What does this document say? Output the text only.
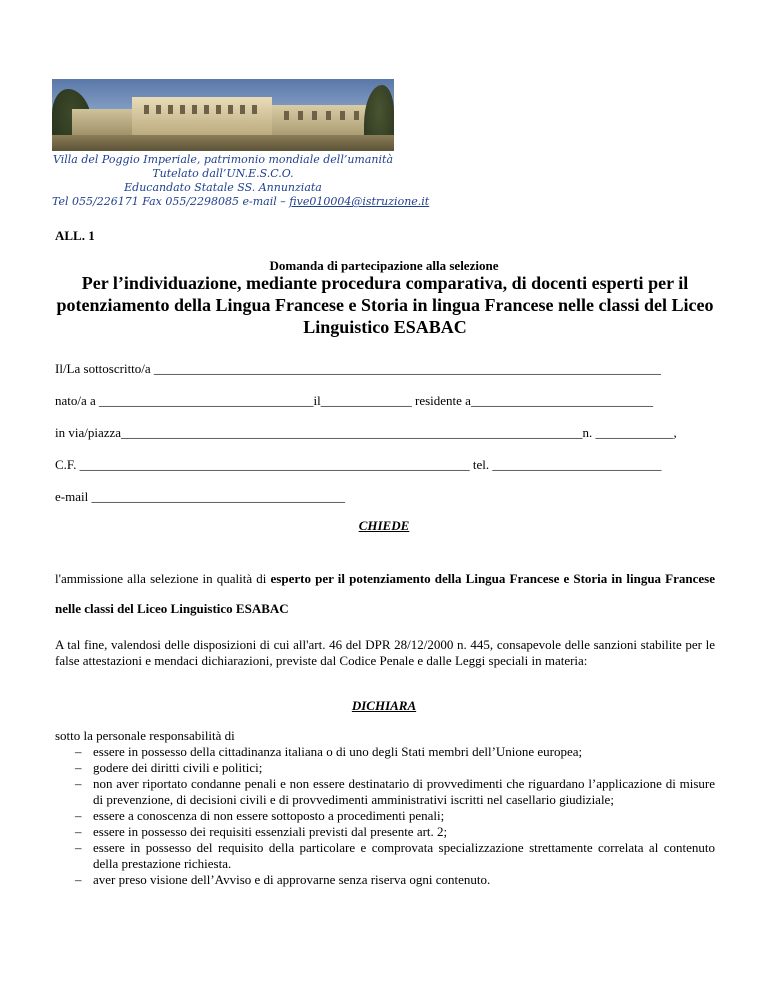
Villa del Poggio Imperiale, patrimonio mondiale dell’umanità
Tutelato dall’UN.E.S.C.O.
Educandato Statale SS. Annunziata
Tel 055/226171 Fax 055/2298085 e-mail – five010004@istruzione.it
ALL. 1
Domanda di partecipazione alla selezione
Per l’individuazione, mediante procedura comparativa, di docenti esperti per il potenziamento della Lingua Francese e Storia in lingua Francese nelle classi del Liceo Linguistico ESABAC
Il/La sottoscritto/a ______________________________________________________________________________
nato/a a _________________________________il______________ residente a____________________________
in via/piazza_______________________________________________________________________n. ____________,
C.F. ____________________________________________________________ tel. __________________________
e-mail _______________________________________
CHIEDE
l'ammissione alla selezione in qualità di esperto per il potenziamento della Lingua Francese e Storia in lingua Francese nelle classi del Liceo Linguistico ESABAC
A tal fine, valendosi delle disposizioni di cui all'art. 46 del DPR 28/12/2000 n. 445, consapevole delle sanzioni stabilite per le false attestazioni e mendaci dichiarazioni, previste dal Codice Penale e dalle Leggi speciali in materia:
DICHIARA
sotto la personale responsabilità di
– essere in possesso della cittadinanza italiana o di uno degli Stati membri dell’Unione europea;
– godere dei diritti civili e politici;
– non aver riportato condanne penali e non essere destinatario di provvedimenti che riguardano l’applicazione di misure di prevenzione, di decisioni civili e di provvedimenti amministrativi iscritti nel casellario giudiziale;
– essere a conoscenza di non essere sottoposto a procedimenti penali;
– essere in possesso dei requisiti essenziali previsti dal presente art. 2;
– essere in possesso del requisito della particolare e comprovata specializzazione strettamente correlata al contenuto della prestazione richiesta.
– aver preso visione dell’Avviso e di approvarne senza riserva ogni contenuto.
